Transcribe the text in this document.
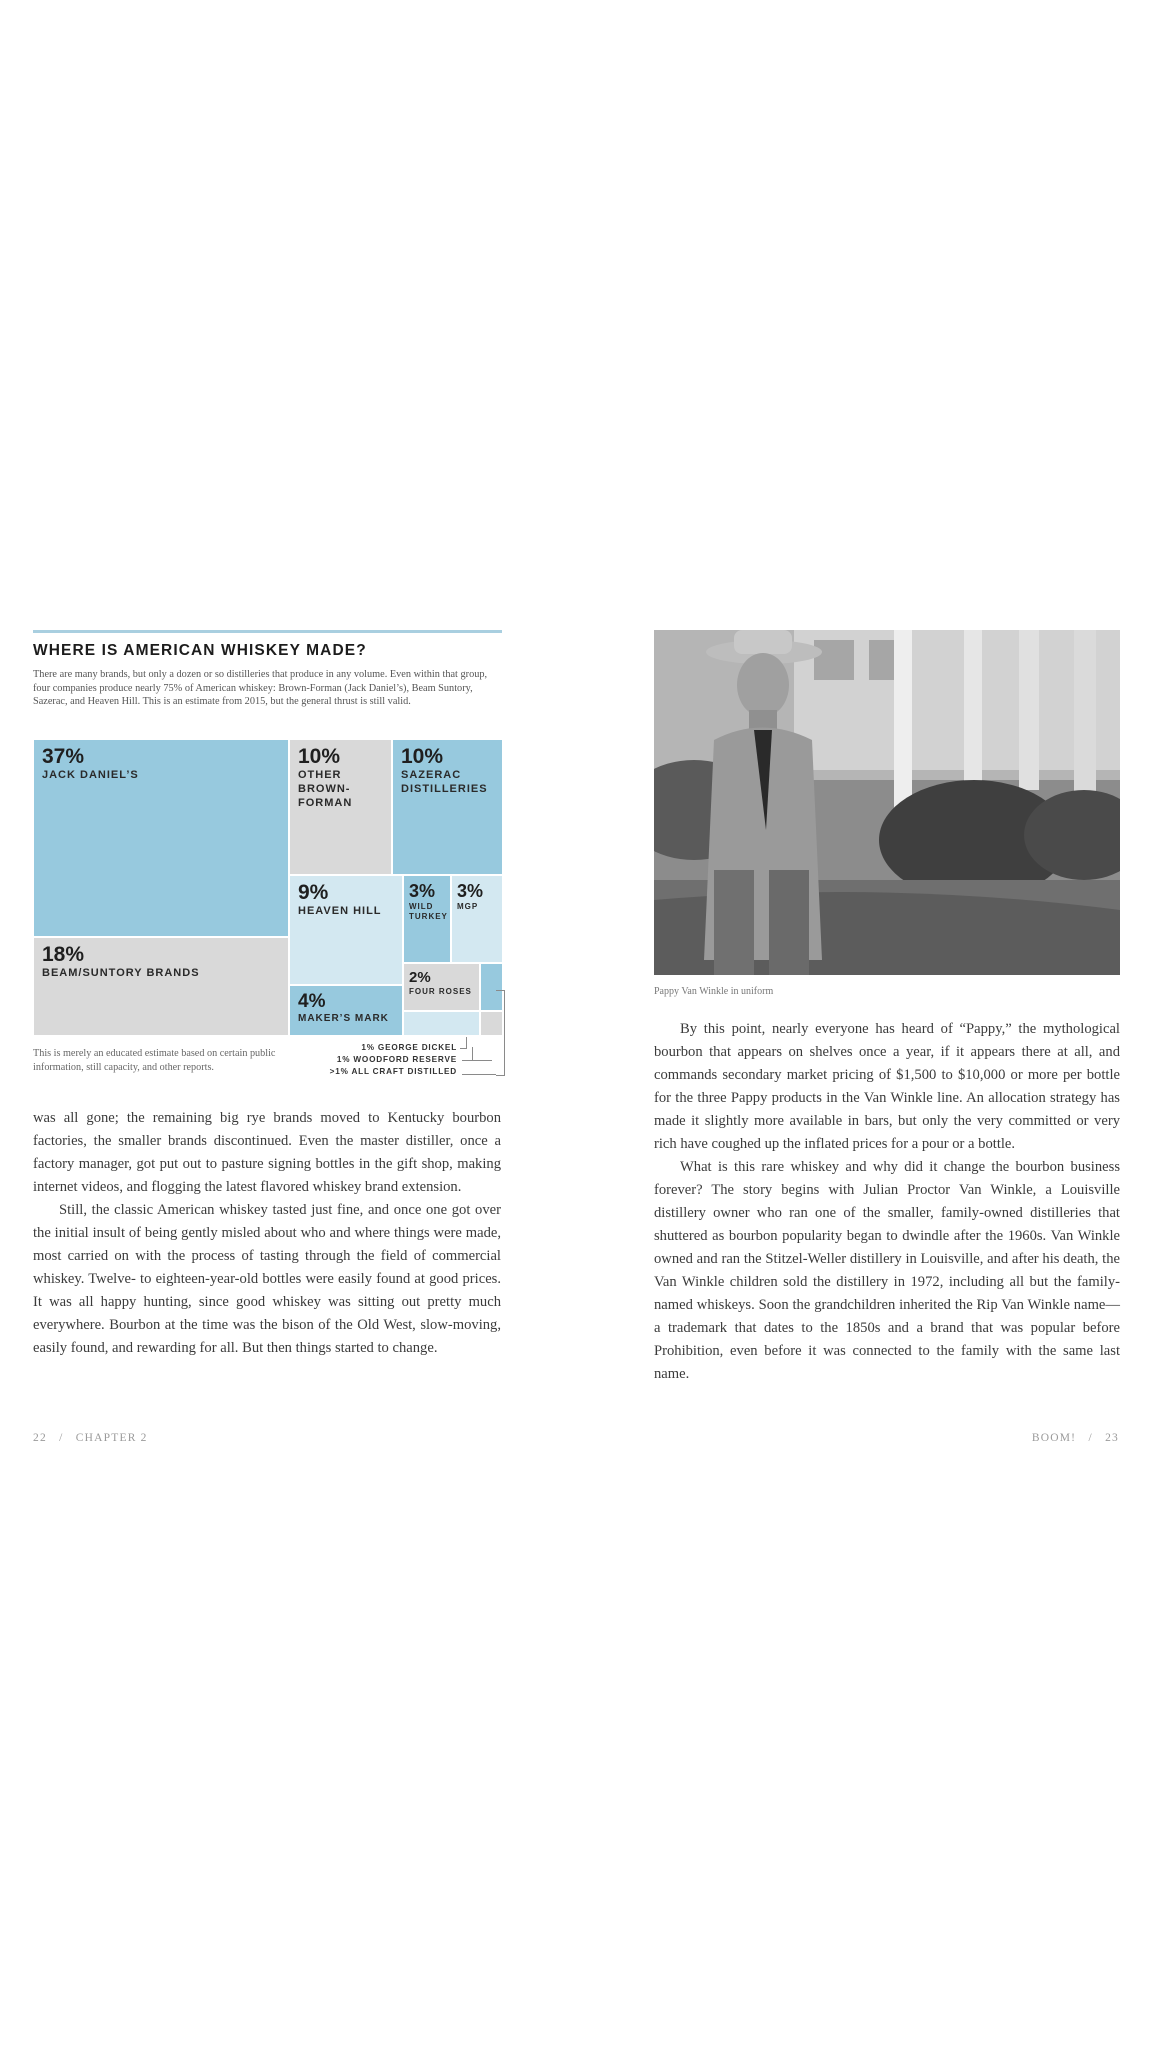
WHERE IS AMERICAN WHISKEY MADE?
There are many brands, but only a dozen or so distilleries that produce in any volume. Even within that group, four companies produce nearly 75% of American whiskey: Brown-Forman (Jack Daniel’s), Beam Suntory, Sazerac, and Heaven Hill. This is an estimate from 2015, but the general thrust is still valid.
37%
JACK DANIEL’S
18%
BEAM/SUNTORY BRANDS
10%
OTHER
BROWN-
FORMAN
10%
SAZERAC
DISTILLERIES
9%
HEAVEN HILL
3%
WILD
TURKEY
3%
MGP
4%
MAKER’S MARK
2%
FOUR ROSES
This is merely an educated estimate based on certain public information, still capacity, and other reports.
1% GEORGE DICKEL
1% WOODFORD RESERVE
>1% ALL CRAFT DISTILLED

was all gone; the remaining big rye brands moved to Kentucky bourbon factories, the smaller brands discontinued. Even the master distiller, once a factory manager, got put out to pasture signing bottles in the gift shop, making internet videos, and flogging the latest flavored whiskey brand extension.

Still, the classic American whiskey tasted just fine, and once one got over the initial insult of being gently misled about who and where things were made, most carried on with the process of tasting through the field of commercial whiskey. Twelve- to eighteen-year-old bottles were easily found at good prices. It was all happy hunting, since good whiskey was sitting out pretty much everywhere. Bourbon at the time was the bison of the Old West, slow-moving, easily found, and rewarding for all. But then things started to change.

22 / CHAPTER 2
Pappy Van Winkle in uniform

By this point, nearly everyone has heard of “Pappy,” the mythological bourbon that appears on shelves once a year, if it appears there at all, and commands secondary market pricing of $1,500 to $10,000 or more per bottle for the three Pappy products in the Van Winkle line. An allocation strategy has made it slightly more available in bars, but only the very committed or very rich have coughed up the inflated prices for a pour or a bottle.

What is this rare whiskey and why did it change the bourbon business forever? The story begins with Julian Proctor Van Winkle, a Louisville distillery owner who ran one of the smaller, family-owned distilleries that shuttered as bourbon popularity began to dwindle after the 1960s. Van Winkle owned and ran the Stitzel-Weller distillery in Louisville, and after his death, the Van Winkle children sold the distillery in 1972, including all but the family-named whiskeys. Soon the grandchildren inherited the Rip Van Winkle name—a trademark that dates to the 1850s and a brand that was popular before Prohibition, even before it was connected to the family with the same last name.

BOOM! / 23
